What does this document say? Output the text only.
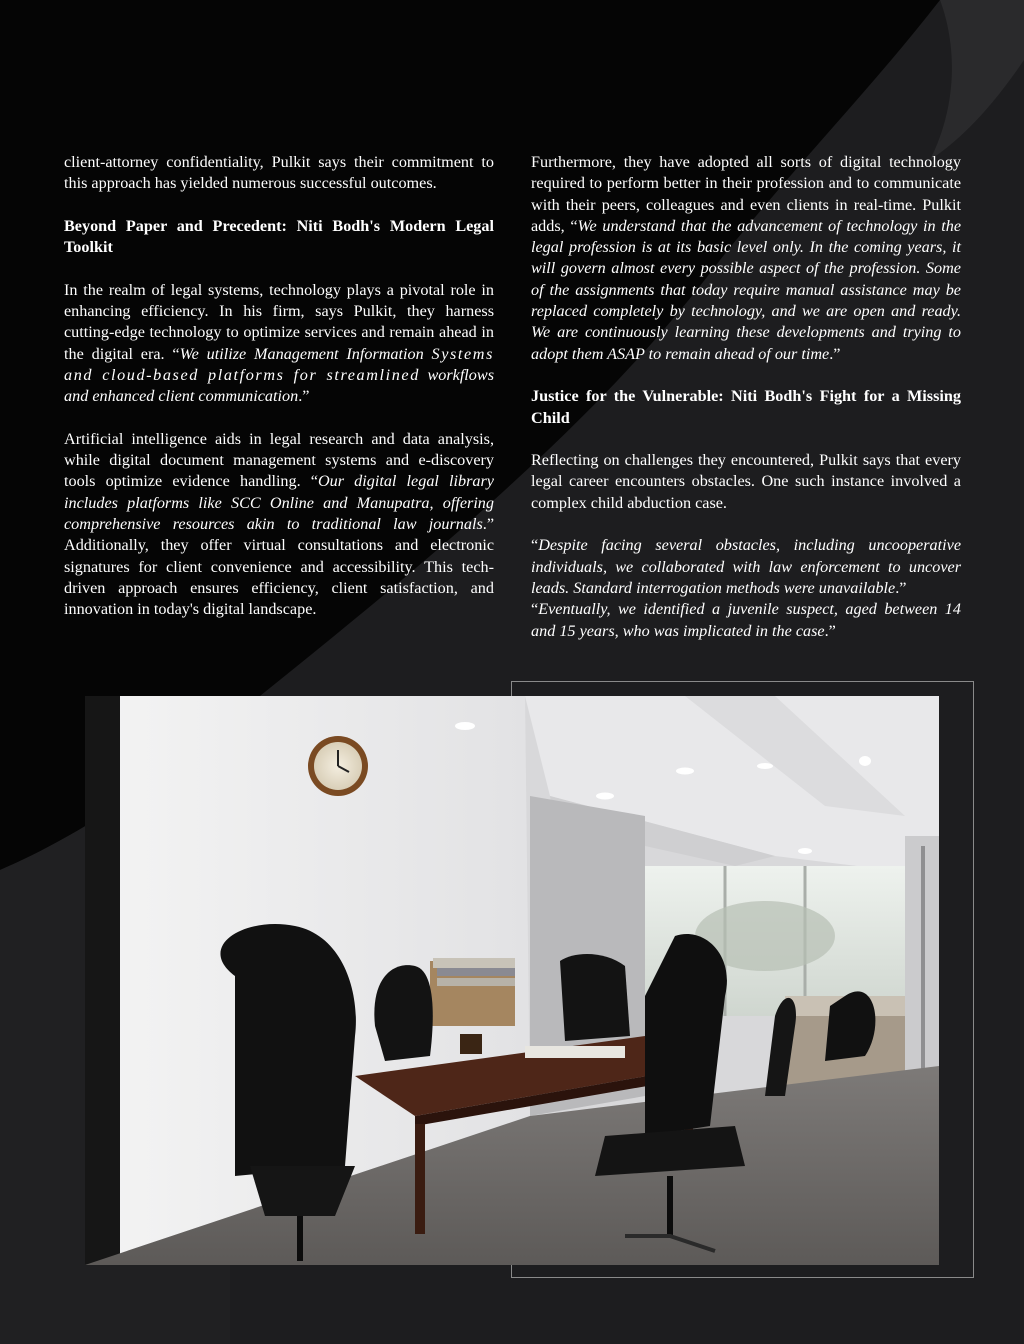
client-attorney confidentiality, Pulkit says their commitment to this approach has yielded numerous successful outcomes.

Beyond Paper and Precedent: Niti Bodh's Modern Legal Toolkit

In the realm of legal systems, technology plays a pivotal role in enhancing efficiency. In his firm, says Pulkit, they harness cutting-edge technology to optimize services and remain ahead in the digital era. “We utilize Management Information Systems and cloud-based platforms for streamlined workflows and enhanced client communication.”

Artificial intelligence aids in legal research and data analysis, while digital document management systems and e-discovery tools optimize evidence handling. “Our digital legal library includes platforms like SCC Online and Manupatra, offering comprehensive resources akin to traditional law journals.” Additionally, they offer virtual consultations and electronic signatures for client convenience and accessibility. This tech-driven approach ensures efficiency, client satisfaction, and innovation in today's digital landscape.

Furthermore, they have adopted all sorts of digital technology required to perform better in their profession and to communicate with their peers, colleagues and even clients in real-time. Pulkit adds, “We understand that the advancement of technology in the legal profession is at its basic level only. In the coming years, it will govern almost every possible aspect of the profession. Some of the assignments that today require manual assistance may be replaced completely by technology, and we are open and ready. We are continuously learning these developments and trying to adopt them ASAP to remain ahead of our time.”

Justice for the Vulnerable: Niti Bodh's Fight for a Missing Child

Reflecting on challenges they encountered, Pulkit says that every legal career encounters obstacles. One such instance involved a complex child abduction case.

“Despite facing several obstacles, including uncooperative individuals, we collaborated with law enforcement to uncover leads. Standard interrogation methods were unavailable.”

“Eventually, we identified a juvenile suspect, aged between 14 and 15 years, who was implicated in the case.”
